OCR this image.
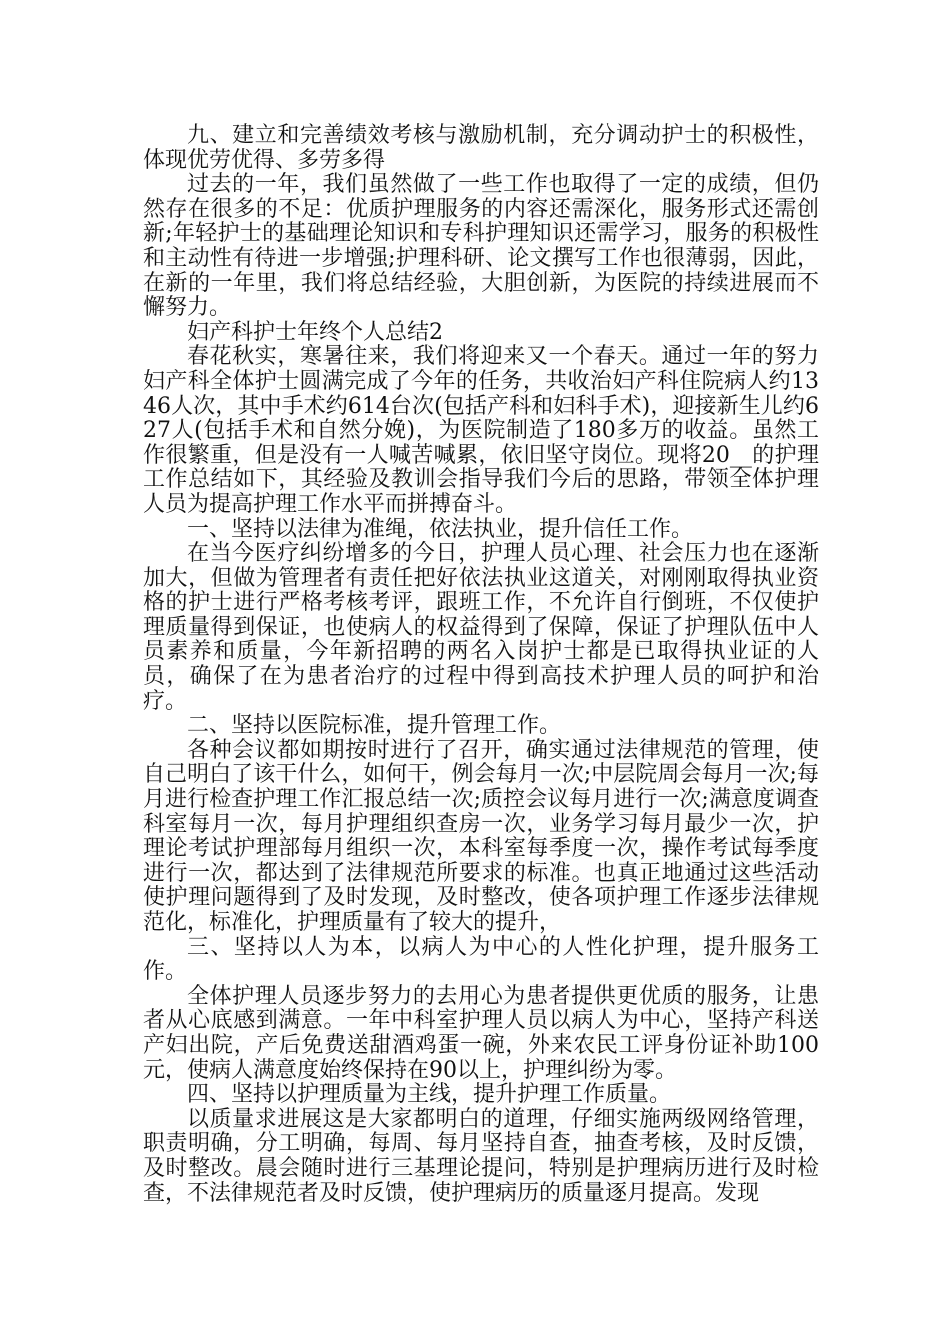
九、建立和完善绩效考核与激励机制，充分调动护士的积极性，体现优劳优得、多劳多得

过去的一年，我们虽然做了一些工作也取得了一定的成绩，但仍然存在很多的不足：优质护理服务的内容还需深化，服务形式还需创新;年轻护士的基础理论知识和专科护理知识还需学习，服务的积极性和主动性有待进一步增强;护理科研、论文撰写工作也很薄弱，因此，在新的一年里，我们将总结经验，大胆创新，为医院的持续进展而不懈努力。

妇产科护士年终个人总结2

春花秋实，寒暑往来，我们将迎来又一个春天。通过一年的努力妇产科全体护士圆满完成了今年的任务，共收治妇产科住院病人约1346人次，其中手术约614台次(包括产科和妇科手术)，迎接新生儿约627人(包括手术和自然分娩)，为医院制造了180多万的收益。虽然工作很繁重，但是没有一人喊苦喊累，依旧坚守岗位。现将20__的护理工作总结如下，其经验及教训会指导我们今后的思路，带领全体护理人员为提高护理工作水平而拼搏奋斗。

一、坚持以法律为准绳，依法执业，提升信任工作。

在当今医疗纠纷增多的今日，护理人员心理、社会压力也在逐渐加大，但做为管理者有责任把好依法执业这道关，对刚刚取得执业资格的护士进行严格考核考评，跟班工作，不允许自行倒班，不仅使护理质量得到保证，也使病人的权益得到了保障，保证了护理队伍中人员素养和质量，今年新招聘的两名入岗护士都是已取得执业证的人员，确保了在为患者治疗的过程中得到高技术护理人员的呵护和治疗。

二、坚持以医院标准，提升管理工作。

各种会议都如期按时进行了召开，确实通过法律规范的管理，使自己明白了该干什么，如何干，例会每月一次;中层院周会每月一次;每月进行检查护理工作汇报总结一次;质控会议每月进行一次;满意度调查科室每月一次，每月护理组织查房一次，业务学习每月最少一次，护理论考试护理部每月组织一次，本科室每季度一次，操作考试每季度进行一次，都达到了法律规范所要求的标准。也真正地通过这些活动使护理问题得到了及时发现，及时整改，使各项护理工作逐步法律规范化，标准化，护理质量有了较大的提升，

三、坚持以人为本，以病人为中心的人性化护理，提升服务工作。

全体护理人员逐步努力的去用心为患者提供更优质的服务，让患者从心底感到满意。一年中科室护理人员以病人为中心，坚持产科送产妇出院，产后免费送甜酒鸡蛋一碗，外来农民工评身份证补助100元，使病人满意度始终保持在90以上，护理纠纷为零。

四、坚持以护理质量为主线，提升护理工作质量。

以质量求进展这是大家都明白的道理，仔细实施两级网络管理，职责明确，分工明确，每周、每月坚持自查，抽查考核，及时反馈，及时整改。晨会随时进行三基理论提问，特别是护理病历进行及时检查，不法律规范者及时反馈，使护理病历的质量逐月提高。发现
